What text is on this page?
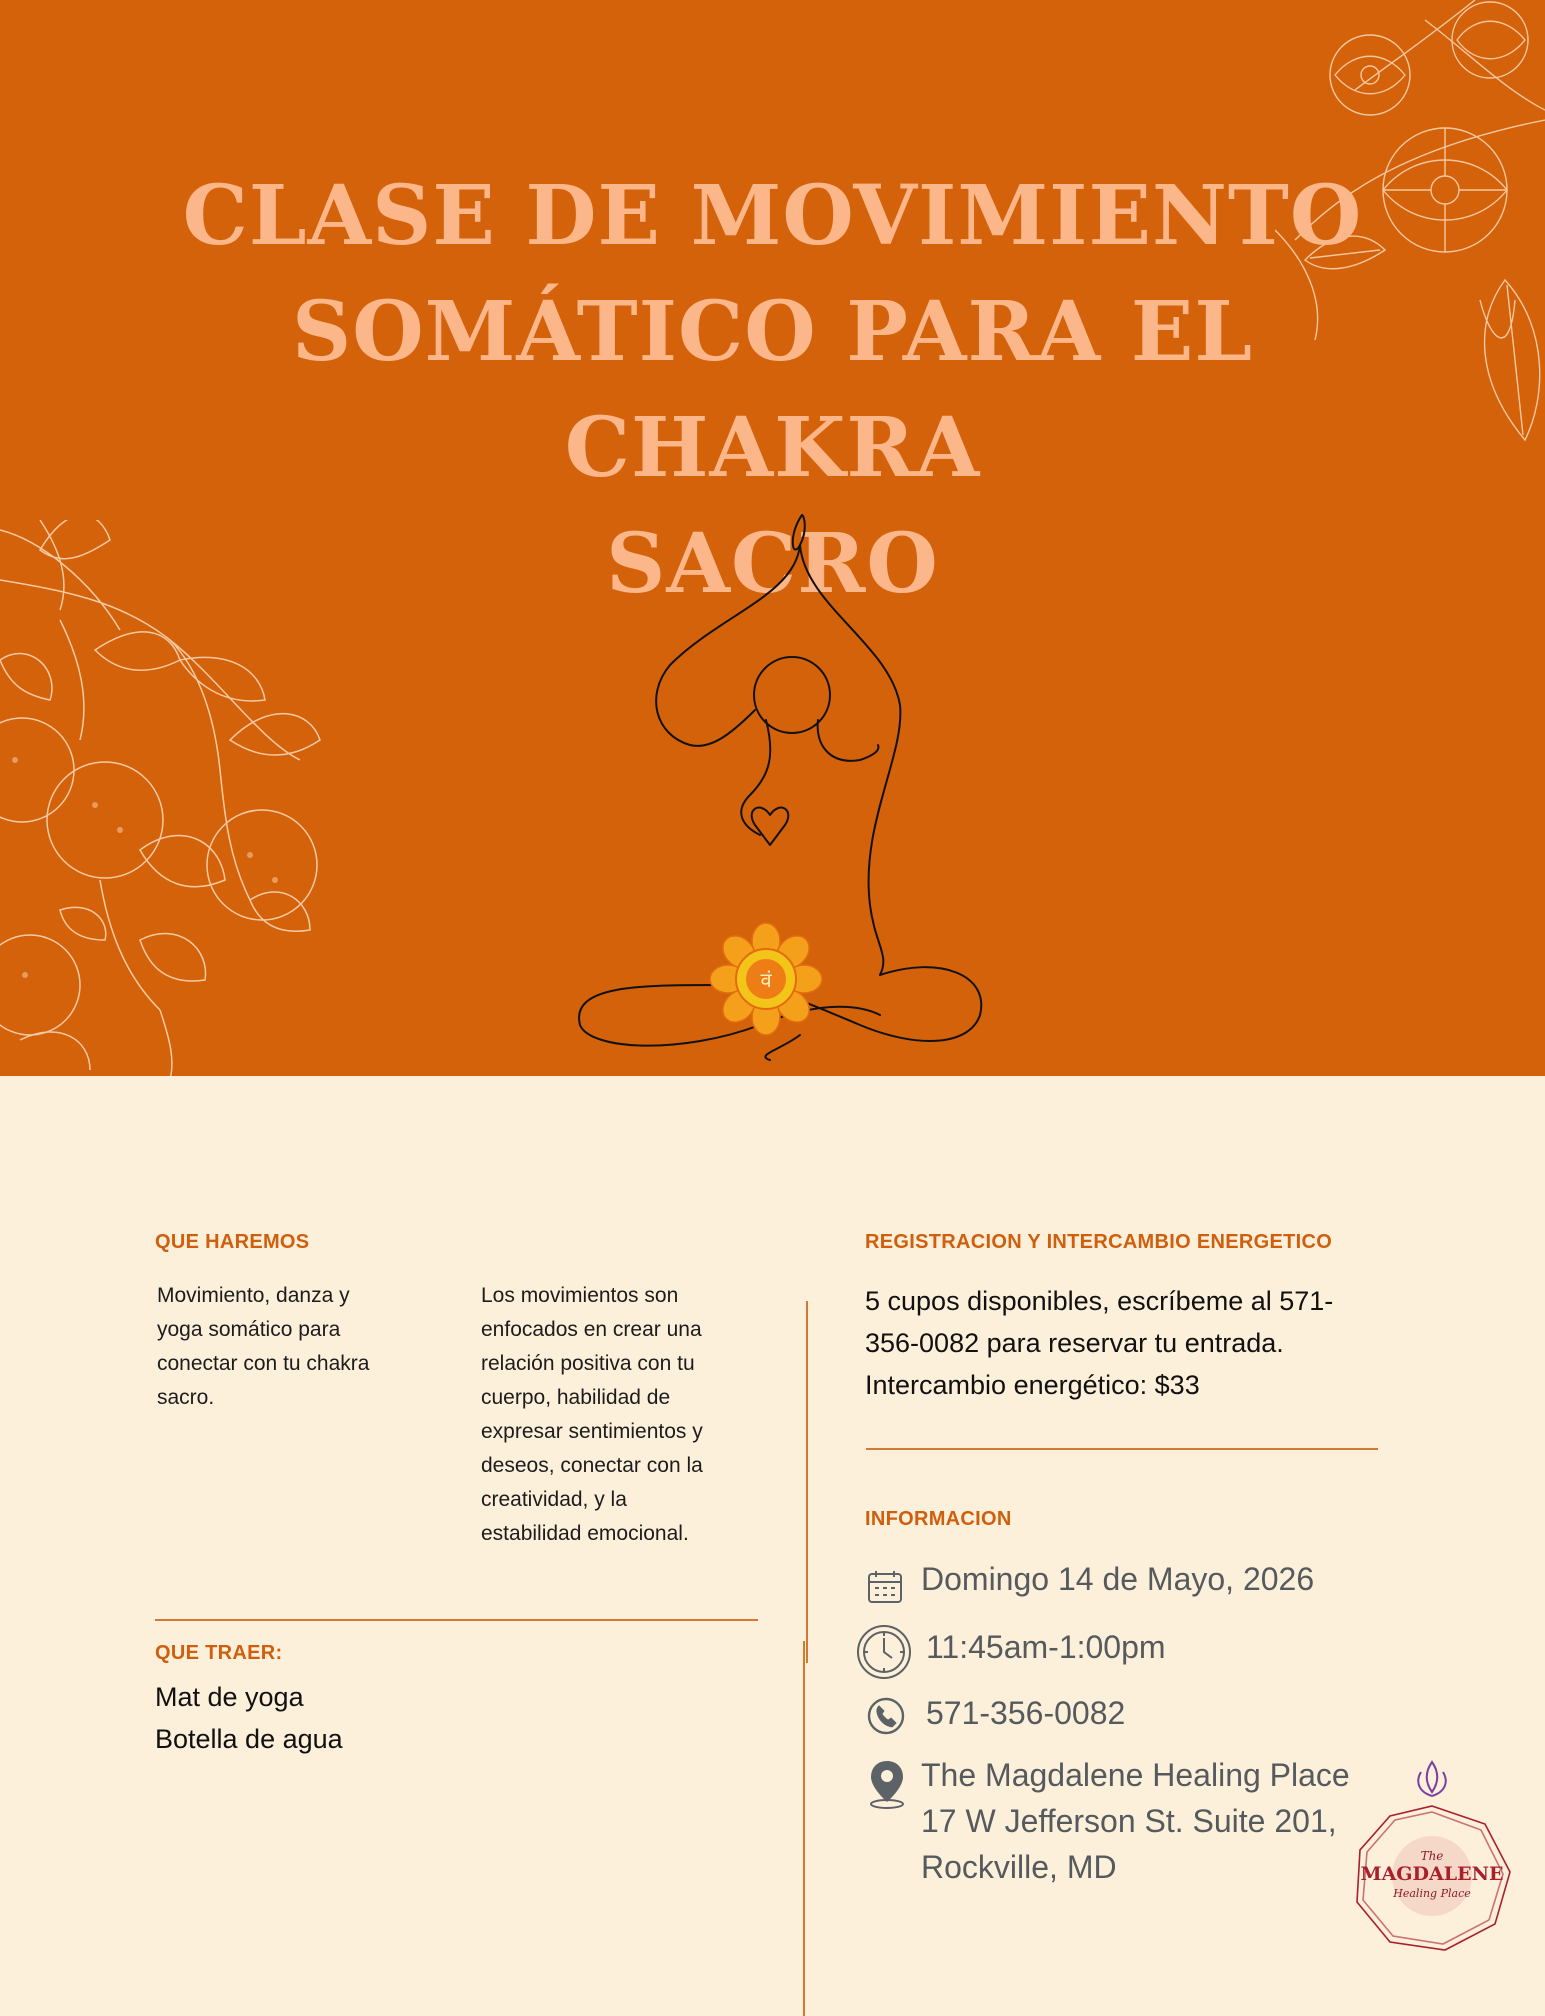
CLASE DE MOVIMIENTO
SOMÁTICO PARA EL CHAKRA
SACRO
वं
QUE HAREMOS
Movimiento, danza y
yoga somático para
conectar con tu chakra
sacro.
Los movimientos son
enfocados en crear una
relación positiva con tu
cuerpo, habilidad de
expresar sentimientos y
deseos, conectar con la
creatividad, y la
estabilidad emocional.
QUE TRAER:
Mat de yoga
Botella de agua
REGISTRACION Y INTERCAMBIO ENERGETICO
5 cupos disponibles, escríbeme al 571-
356-0082 para reservar tu entrada.
Intercambio energético: $33
INFORMACION
Domingo 14 de Mayo, 2026
11:45am-1:00pm
571-356-0082
The Magdalene Healing Place
17 W Jefferson St. Suite 201,
Rockville, MD	The
MAGDALENE
Healing Place
